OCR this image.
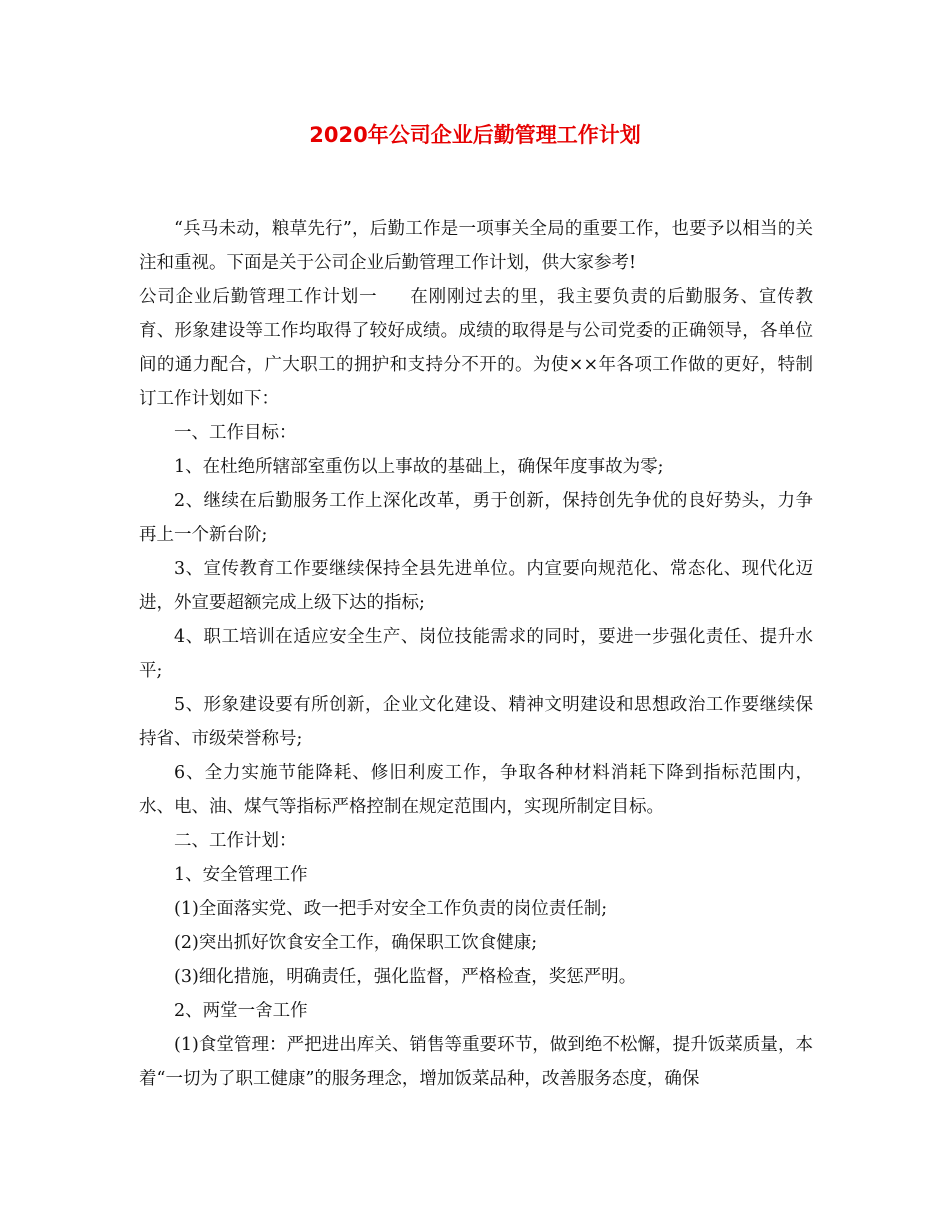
2020年公司企业后勤管理工作计划

“兵马未动，粮草先行”，后勤工作是一项事关全局的重要工作，也要予以相当的关注和重视。下面是关于公司企业后勤管理工作计划，供大家参考!

公司企业后勤管理工作计划一 在刚刚过去的里，我主要负责的后勤服务、宣传教育、形象建设等工作均取得了较好成绩。成绩的取得是与公司党委的正确领导，各单位间的通力配合，广大职工的拥护和支持分不开的。为使××年各项工作做的更好，特制订工作计划如下：

一、工作目标：

1、在杜绝所辖部室重伤以上事故的基础上，确保年度事故为零;

2、继续在后勤服务工作上深化改革，勇于创新，保持创先争优的良好势头，力争再上一个新台阶;

3、宣传教育工作要继续保持全县先进单位。内宣要向规范化、常态化、现代化迈进，外宣要超额完成上级下达的指标;

4、职工培训在适应安全生产、岗位技能需求的同时，要进一步强化责任、提升水平;

5、形象建设要有所创新，企业文化建设、精神文明建设和思想政治工作要继续保持省、市级荣誉称号;

6、全力实施节能降耗、修旧利废工作，争取各种材料消耗下降到指标范围内，水、电、油、煤气等指标严格控制在规定范围内，实现所制定目标。

二、工作计划：

1、安全管理工作

(1)全面落实党、政一把手对安全工作负责的岗位责任制;

(2)突出抓好饮食安全工作，确保职工饮食健康;

(3)细化措施，明确责任，强化监督，严格检查，奖惩严明。

2、两堂一舍工作

(1)食堂管理：严把进出库关、销售等重要环节，做到绝不松懈，提升饭菜质量，本着“一切为了职工健康”的服务理念，增加饭菜品种，改善服务态度，确保
